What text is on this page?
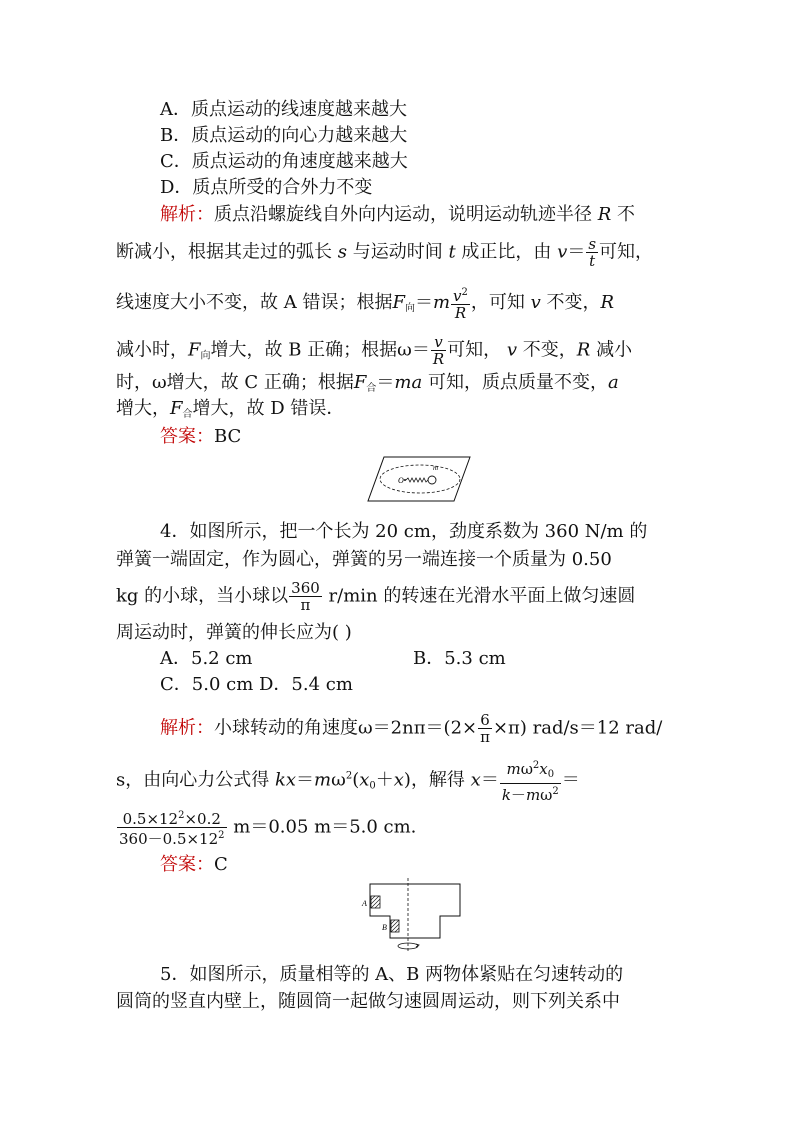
A．质点运动的线速度越来越大
B．质点运动的向心力越来越大
C．质点运动的角速度越来越大
D．质点所受的合外力不变
解析：质点沿螺旋线自外向内运动，说明运动轨迹半径 R 不
断减小，根据其走过的弧长 s 与运动时间 t 成正比，由 $v= \frac{s}{t}$ 可知，
线速度大小不变，故 A 错误；根据$F_向=m \frac{v^2}{R}$ ，可知 v 不变，R
减小时，$F_向$增大，故 B 正确；根据$\omega= \frac{v}{R}$ 可知， v 不变，R 减小
时，ω增大，故 C 正确；根据$F_合=ma$ 可知，质点质量不变，a
增大，$F_合$增大，故 D 错误．
答案：BC
O
m
4．如图所示，把一个长为 20 cm，劲度系数为 360 N/m 的
弹簧一端固定，作为圆心，弹簧的另一端连接一个质量为 0.50
kg 的小球，当小球以 $\frac{360}{\pi} r/\min$ 的转速在光滑水平面上做匀速圆
周运动时，弹簧的伸长应为( )
A．5.2 cm	B．5.3 cm
C．5.0 cm D．5.4 cm
解析：小球转动的角速度$\omega=2n\pi=(2\times \frac{6}{\pi} \times\pi)$ rad/s＝12 rad/
s，由向心力公式得 $kx=m\omega^2(x_0+x)$，解得 $x= \frac{m\omega^2x_0}{k-m\omega^2}$ ＝
$\frac{0.5\times 12^2\times 0.2}{360-0.5\times 12^2} m=0.05$ m＝5.0 cm.
答案：C
A
B
5．如图所示，质量相等的 A、B 两物体紧贴在匀速转动的
圆筒的竖直内壁上，随圆筒一起做匀速圆周运动，则下列关系中
